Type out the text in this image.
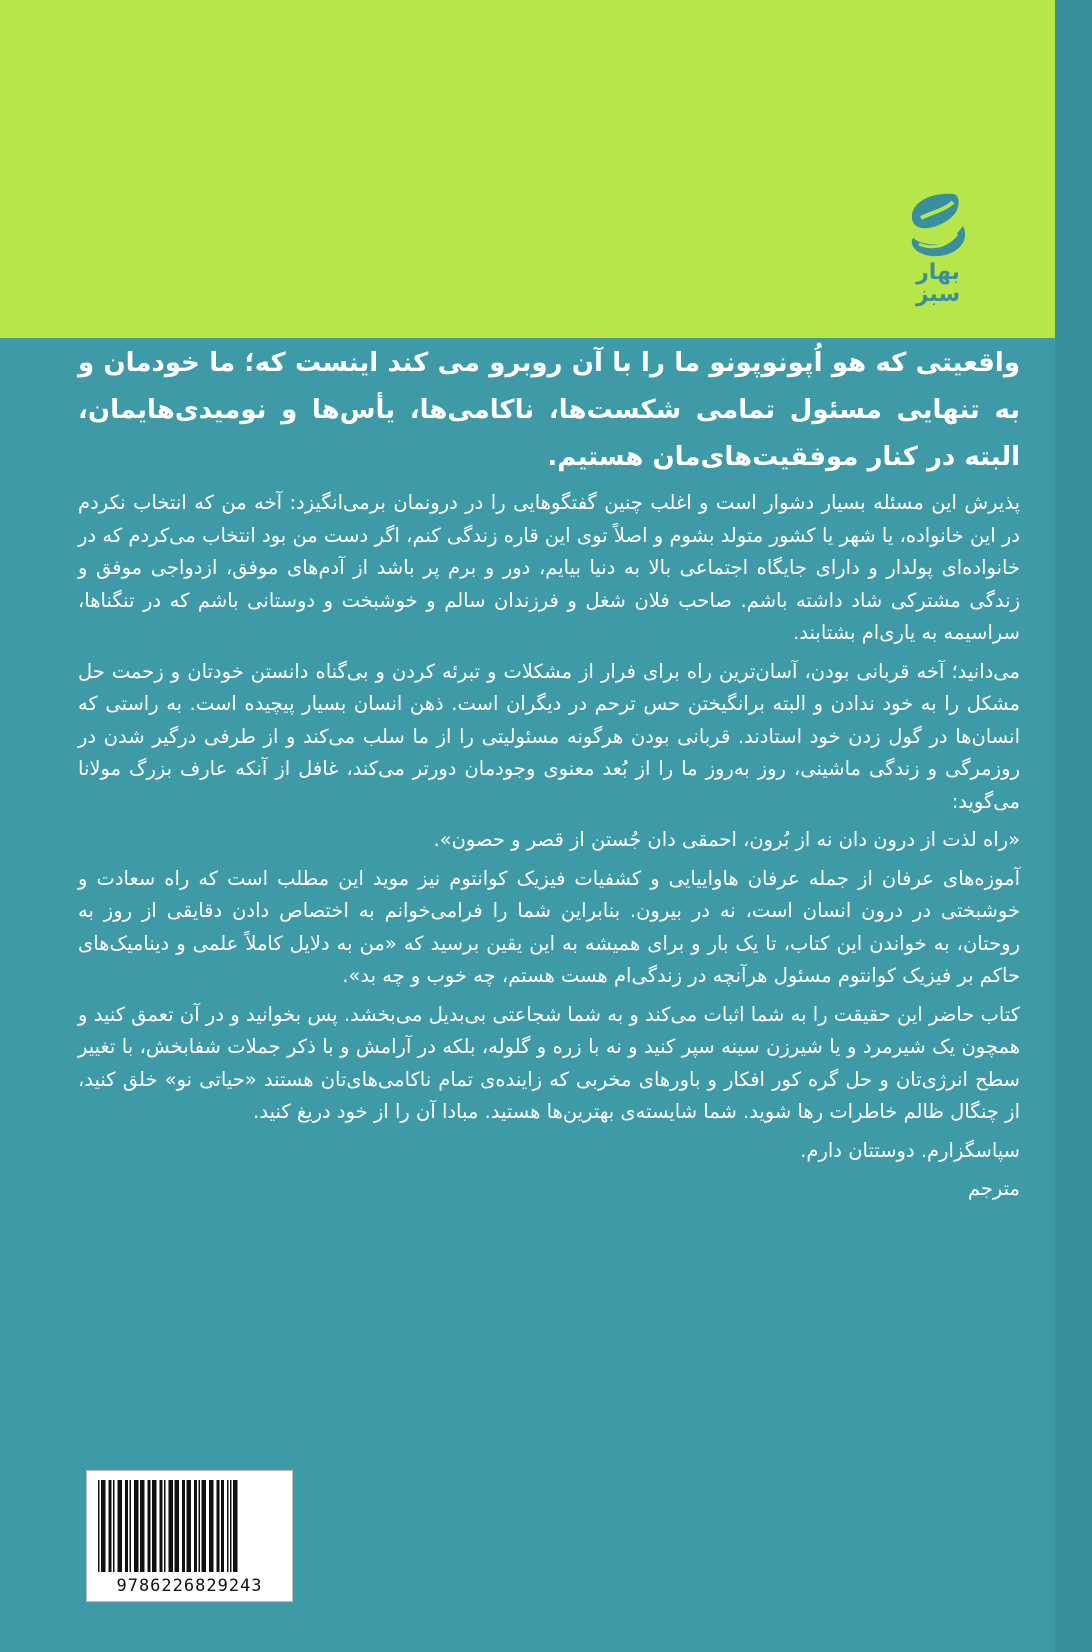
بهار سبز

واقعیتی که هو اُپونوپونو ما را با آن روبرو می کند اینست که؛ ما خودمان و به تنهایی مسئول تمامی شکست‌ها، ناکامی‌ها، یأس‌ها و نومیدی‌هایمان، البته در کنار موفقیت‌های‌مان هستیم.

پذیرش این مسئله بسیار دشوار است و اغلب چنین گفتگوهایی را در درونمان برمی‌انگیزد: آخه من که انتخاب نکردم در این خانواده، یا شهر یا کشور متولد بشوم و اصلاً توی این قاره زندگی کنم، اگر دست من بود انتخاب می‌کردم که در خانواده‌ای پولدار و دارای جایگاه اجتماعی بالا به دنیا بیایم، دور و برم پر باشد از آدم‌های موفق، ازدواجی موفق و زندگی مشترکی شاد داشته باشم. صاحب فلان شغل و فرزندان سالم و خوشبخت و دوستانی باشم که در تنگناها، سراسیمه به یاری‌ام بشتابند.

می‌دانید؛ آخه قربانی بودن، آسان‌ترین راه برای فرار از مشکلات و تبرئه کردن و بی‌گناه دانستن خودتان و زحمت حل مشکل را به خود ندادن و البته برانگیختن حس ترحم در دیگران است. ذهن انسان بسیار پیچیده است. به راستی که انسان‌ها در گول زدن خود استادند. قربانی بودن هرگونه مسئولیتی را از ما سلب می‌کند و از طرفی درگیر شدن در روزمرگی و زندگی ماشینی، روز به‌روز ما را از بُعد معنوی وجودمان دورتر می‌کند، غافل از آنکه عارف بزرگ مولانا می‌گوید:

«راه لذت از درون دان نه از بُرون، احمقی دان جُستن از قصر و حصون».

آموزه‌های عرفان از جمله عرفان هاواییایی و کشفیات فیزیک کوانتوم نیز موید این مطلب است که راه سعادت و خوشبختی در درون انسان است، نه در بیرون. بنابراین شما را فرامی‌خوانم به اختصاص دادن دقایقی از روز به روحتان، به خواندن این کتاب، تا یک بار و برای همیشه به این یقین برسید که «من به دلایل کاملاً علمی و دینامیک‌های حاکم بر فیزیک کوانتوم مسئول هرآنچه در زندگی‌ام هست هستم، چه خوب و چه بد».

کتاب حاضر این حقیقت را به شما اثبات می‌کند و به شما شجاعتی بی‌بدیل می‌بخشد. پس بخوانید و در آن تعمق کنید و همچون یک شیرمرد و یا شیرزن سینه سپر کنید و نه با زره و گلوله، بلکه در آرامش و با ذکر جملات شفابخش، با تغییر سطح انرژی‌تان و حل گره کور افکار و باورهای مخربی که زاینده‌ی تمام ناکامی‌های‌تان هستند «حیاتی نو» خلق کنید، از چنگال ظالم خاطرات رها شوید. شما شایسته‌ی بهترین‌ها هستید. مبادا آن را از خود دریغ کنید.

سپاسگزارم. دوستتان دارم.

مترجم

9786226829243
